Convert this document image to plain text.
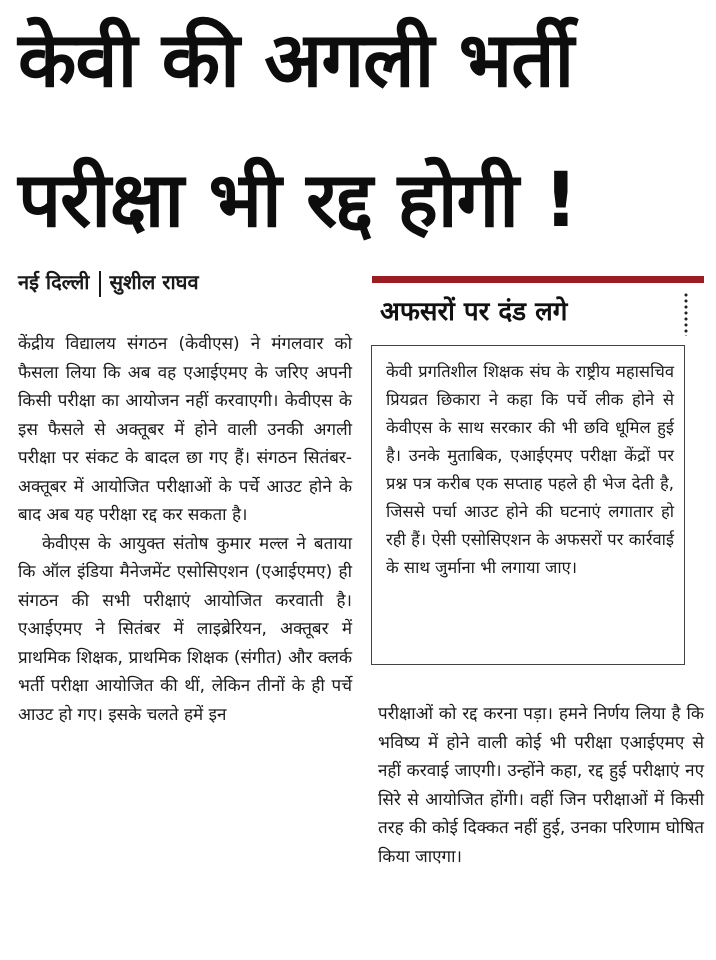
केवी की अगली भर्ती
परीक्षा भी रद्द होगी !
नई दिल्ली सुशील राघव

केंद्रीय विद्यालय संगठन (केवीएस) ने मंगलवार को फैसला लिया कि अब वह एआईएमए के जरिए अपनी किसी परीक्षा का आयोजन नहीं करवाएगी। केवीएस के इस फैसले से अक्तूबर में होने वाली उनकी अगली परीक्षा पर संकट के बादल छा गए हैं। संगठन सितंबर-अक्तूबर में आयोजित परीक्षाओं के पर्चे आउट होने के बाद अब यह परीक्षा रद्द कर सकता है।

केवीएस के आयुक्त संतोष कुमार मल्ल ने बताया कि ऑल इंडिया मैनेजमेंट एसोसिएशन (एआईएमए) ही संगठन की सभी परीक्षाएं आयोजित करवाती है। एआईएमए ने सितंबर में लाइब्रेरियन, अक्तूबर में प्राथमिक शिक्षक, प्राथमिक शिक्षक (संगीत) और क्लर्क भर्ती परीक्षा आयोजित की थीं, लेकिन तीनों के ही पर्चे आउट हो गए। इसके चलते हमें इन

अफसरों पर दंड लगे

केवी प्रगतिशील शिक्षक संघ के राष्ट्रीय महासचिव प्रियव्रत छिकारा ने कहा कि पर्चे लीक होने से केवीएस के साथ सरकार की भी छवि धूमिल हुई है। उनके मुताबिक, एआईएमए परीक्षा केंद्रों पर प्रश्न पत्र करीब एक सप्ताह पहले ही भेज देती है, जिससे पर्चा आउट होने की घटनाएं लगातार हो रही हैं। ऐसी एसोसिएशन के अफसरों पर कार्रवाई के साथ जुर्माना भी लगाया जाए।

परीक्षाओं को रद्द करना पड़ा। हमने निर्णय लिया है कि भविष्य में होने वाली कोई भी परीक्षा एआईएमए से नहीं करवाई जाएगी। उन्होंने कहा, रद्द हुई परीक्षाएं नए सिरे से आयोजित होंगी। वहीं जिन परीक्षाओं में किसी तरह की कोई दिक्कत नहीं हुई, उनका परिणाम घोषित किया जाएगा।
